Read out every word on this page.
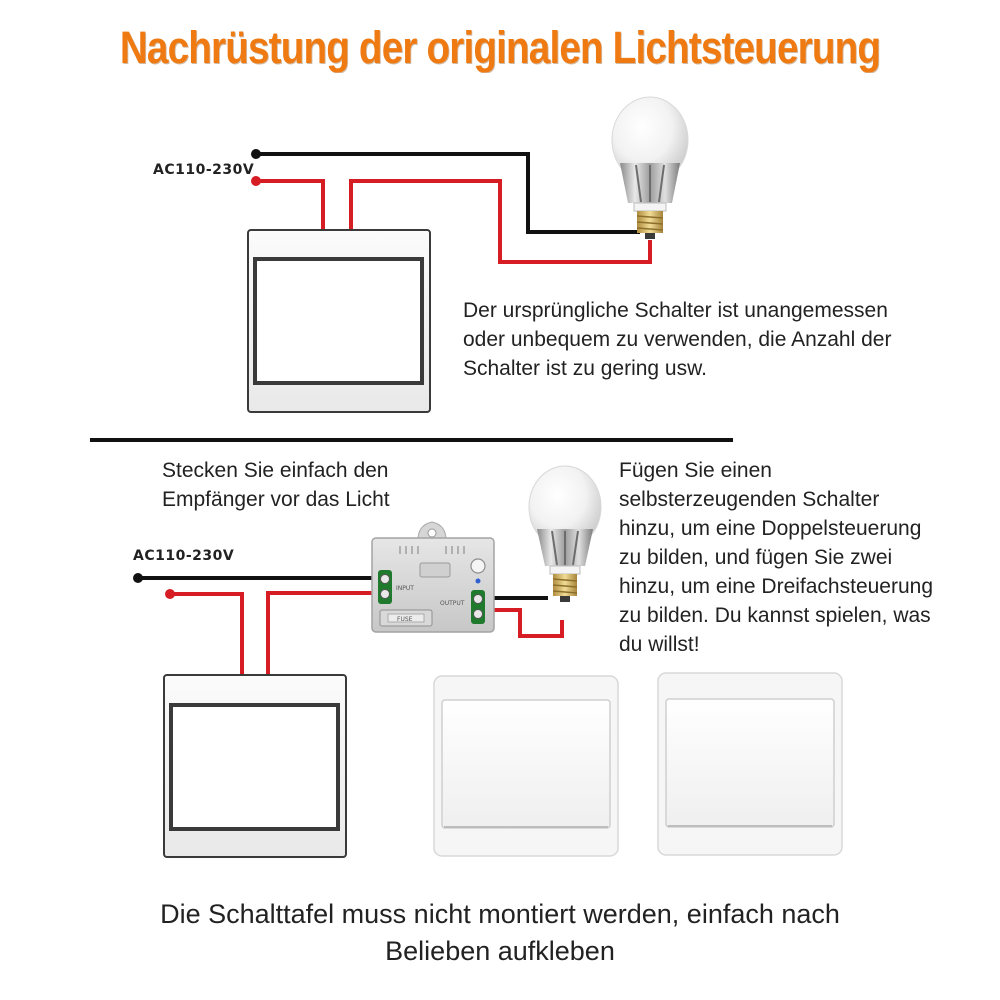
Nachrüstung der originalen Lichtsteuerung
INPUT
OUTPUT
FUSE
AC110-230V
Der ursprüngliche Schalter ist unangemessen
oder unbequem zu verwenden, die Anzahl der
Schalter ist zu gering usw.
Stecken Sie einfach den
Empfänger vor das Licht
AC110-230V
Fügen Sie einen
selbsterzeugenden Schalter
hinzu, um eine Doppelsteuerung
zu bilden, und fügen Sie zwei
hinzu, um eine Dreifachsteuerung
zu bilden. Du kannst spielen, was
du willst!
Die Schalttafel muss nicht montiert werden, einfach nach
Belieben aufkleben
